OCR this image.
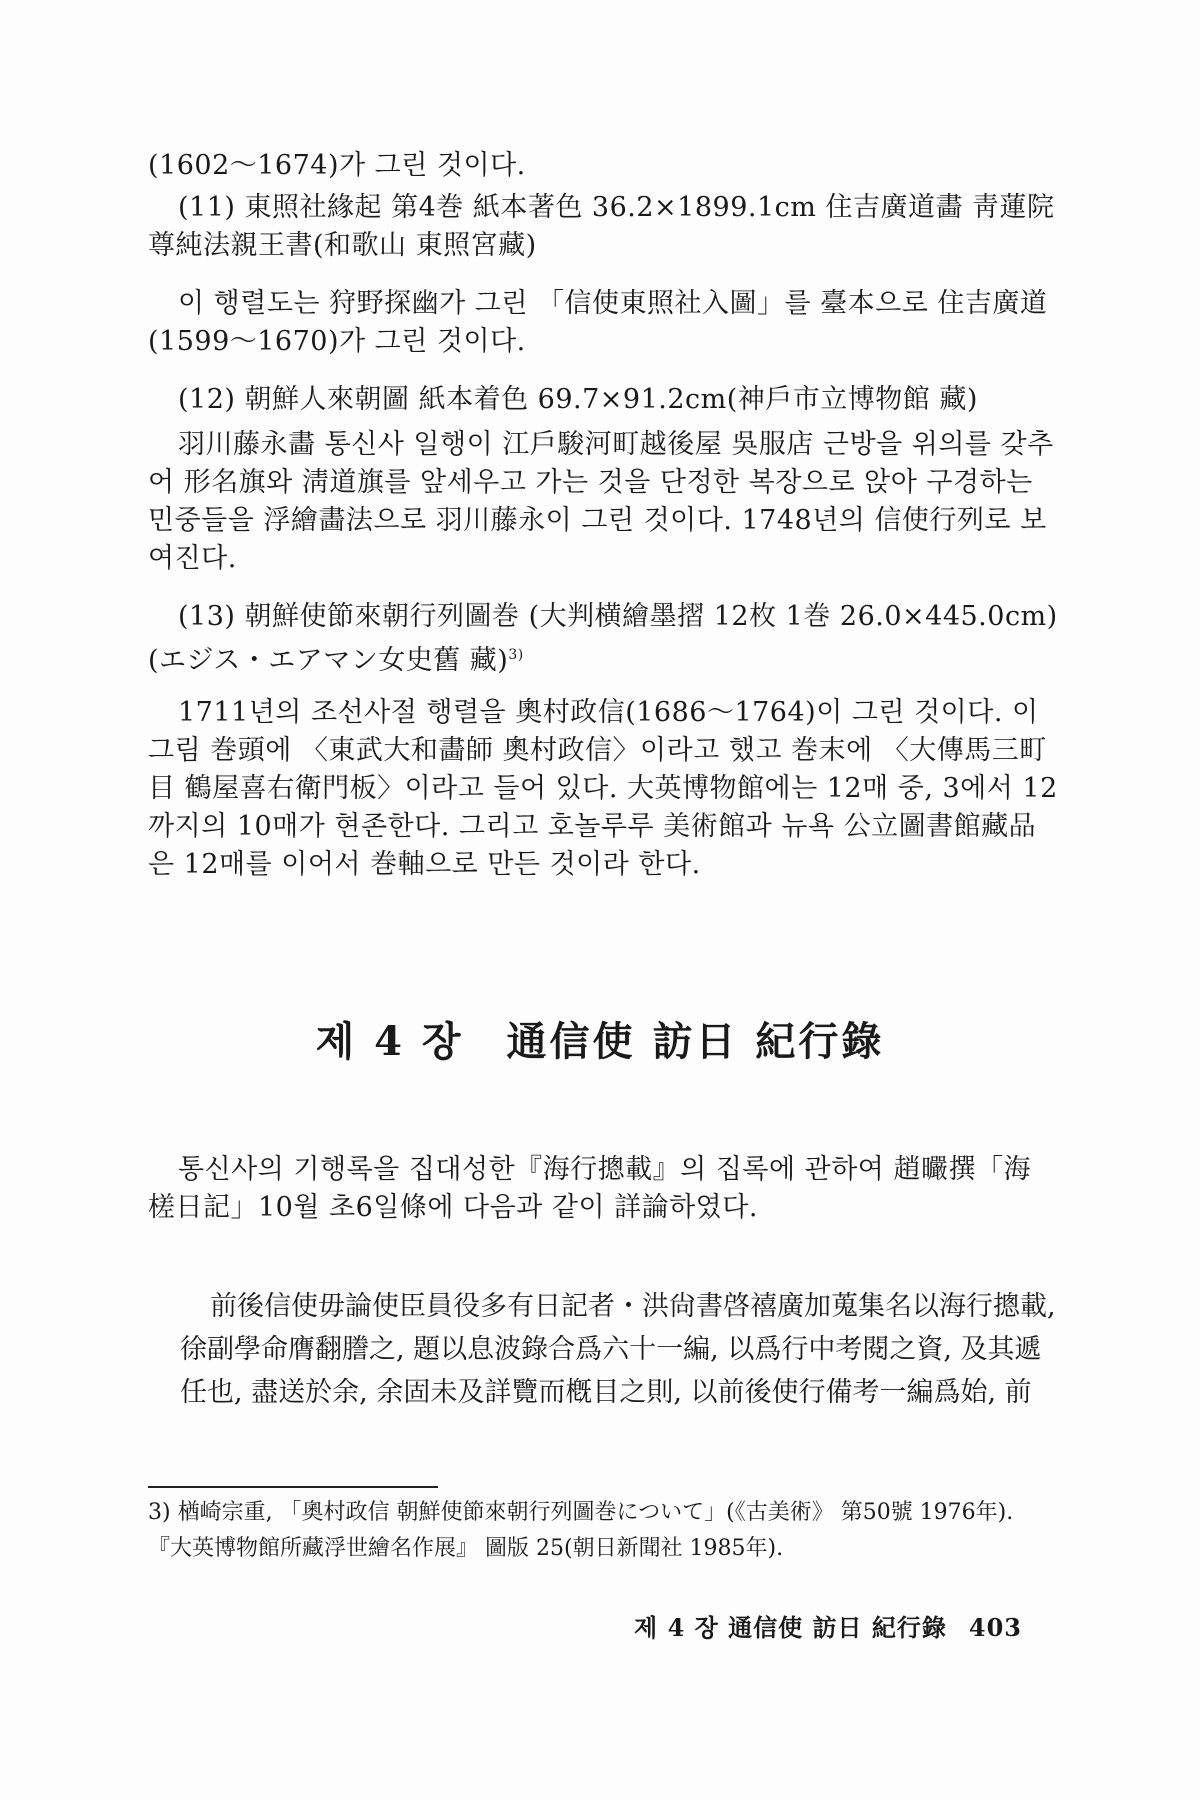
(1602～1674)가 그린 것이다.

(11) 東照社緣起 第4巻 紙本著色 36.2×1899.1cm 住吉廣道畵 靑蓮院 尊純法親王書(和歌山 東照宮藏)

이 행렬도는 狩野探幽가 그린 「信使東照社入圖」를 臺本으로 住吉廣道(1599～1670)가 그린 것이다.

(12) 朝鮮人來朝圖 紙本着色 69.7×91.2cm(神戶市立博物館 藏)

羽川藤永畵 통신사 일행이 江戶駿河町越後屋 吳服店 근방을 위의를 갖추어 形名旗와 淸道旗를 앞세우고 가는 것을 단정한 복장으로 앉아 구경하는 민중들을 浮繪畵法으로 羽川藤永이 그린 것이다. 1748년의 信使行列로 보여진다.

(13) 朝鮮使節來朝行列圖巻 (大判横繪墨摺 12枚 1巻 26.0×445.0cm)(エジス・エアマン女史舊 藏)$^{3)}$

1711년의 조선사절 행렬을 奧村政信(1686～1764)이 그린 것이다. 이 그림 巻頭에 〈東武大和畵師 奧村政信〉이라고 했고 巻末에 〈大傳馬三町目 鶴屋喜右衛門板〉이라고 들어 있다. 大英博物館에는 12매 중, 3에서 12까지의 10매가 현존한다. 그리고 호놀루루 美術館과 뉴욕 公立圖書館藏品은 12매를 이어서 巻軸으로 만든 것이라 한다.

제 4 장　通信使 訪日 紀行錄

통신사의 기행록을 집대성한『海行摠載』의 집록에 관하여 趙曮撰「海槎日記」10월 초6일條에 다음과 같이 詳論하였다.

前後信使毋論使臣員役多有日記者・洪尙書啓禧廣加蒐集名以海行摠載, 徐副學命膺翻謄之, 題以息波錄合爲六十一編, 以爲行中考閱之資, 及其遞任也, 盡送於余, 余固未及詳覽而槪目之則, 以前後使行備考一編爲始, 前

3) 楢崎宗重, 「奧村政信 朝鮮使節來朝行列圖巻について」(《古美術》 第50號 1976年). 『大英博物館所藏浮世繪名作展』 圖版 25(朝日新聞社 1985年).

제 4 장 通信使 訪日 紀行錄 403
